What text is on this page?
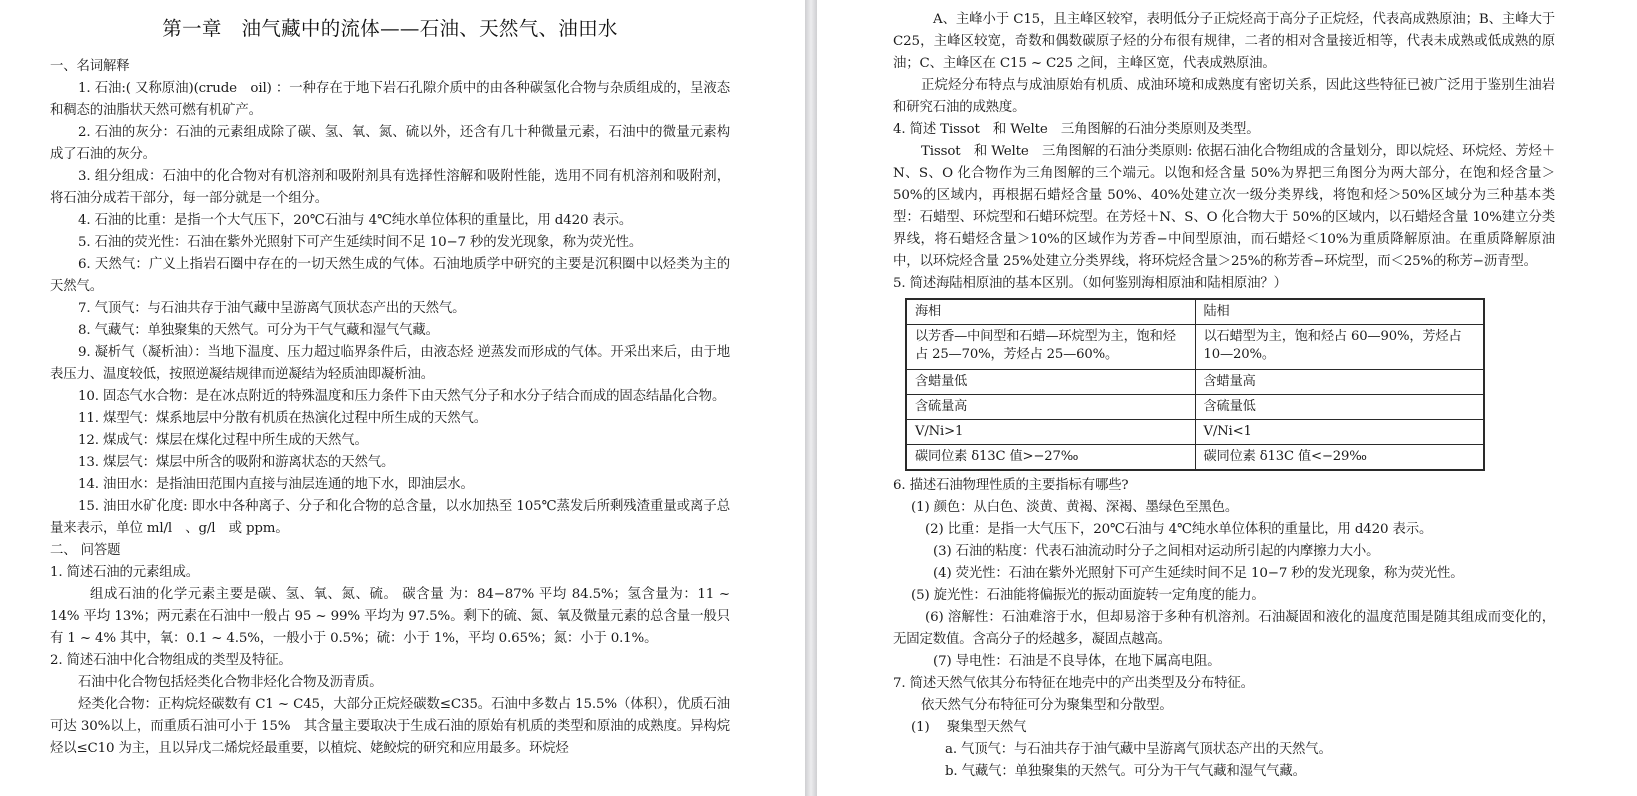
第一章　油气藏中的流体——石油、天然气、油田水

一、名词解释

1. 石油:( 又称原油)(crude　oil) ：一种存在于地下岩石孔隙介质中的由各种碳氢化合物与杂质组成的，呈液态和稠态的油脂状天然可燃有机矿产。

2. 石油的灰分：石油的元素组成除了碳、氢、氧、氮、硫以外，还含有几十种微量元素，石油中的微量元素构成了石油的灰分。

3. 组分组成：石油中的化合物对有机溶剂和吸附剂具有选择性溶解和吸附性能，选用不同有机溶剂和吸附剂，将石油分成若干部分，每一部分就是一个组分。

4. 石油的比重：是指一个大气压下，20℃石油与 4℃纯水单位体积的重量比，用 d420 表示。

5. 石油的荧光性：石油在紫外光照射下可产生延续时间不足 10−7 秒的发光现象，称为荧光性。

6. 天然气：广义上指岩石圈中存在的一切天然生成的气体。石油地质学中研究的主要是沉积圈中以烃类为主的天然气。

7. 气顶气：与石油共存于油气藏中呈游离气顶状态产出的天然气。

8. 气藏气：单独聚集的天然气。可分为干气气藏和湿气气藏。

9. 凝析气（凝析油）：当地下温度、压力超过临界条件后，由液态烃 逆蒸发而形成的气体。开采出来后，由于地表压力、温度较低，按照逆凝结规律而逆凝结为轻质油即凝析油。

10. 固态气水合物：是在冰点附近的特殊温度和压力条件下由天然气分子和水分子结合而成的固态结晶化合物。

11. 煤型气：煤系地层中分散有机质在热演化过程中所生成的天然气。

12. 煤成气：煤层在煤化过程中所生成的天然气。

13. 煤层气：煤层中所含的吸附和游离状态的天然气。

14. 油田水：是指油田范围内直接与油层连通的地下水，即油层水。

15. 油田水矿化度: 即水中各种离子、分子和化合物的总含量，以水加热至 105℃蒸发后所剩残渣重量或离子总量来表示，单位 ml/l　、g/l　或 ppm。

二、 问答题

1. 简述石油的元素组成。

组成石油的化学元素主要是碳、氢、氧、氮、硫。 碳含量 为：84−87% 平均 84.5%；氢含量为：11 ~ 14% 平均 13%；两元素在石油中一般占 95 ~ 99% 平均为 97.5%。剩下的硫、氮、氧及微量元素的总含量一般只有 1 ~ 4% 其中，氧：0.1 ~ 4.5%，一般小于 0.5%；硫：小于 1%，平均 0.65%；氮：小于 0.1%。

2. 简述石油中化合物组成的类型及特征。

石油中化合物包括烃类化合物非烃化合物及沥青质。

烃类化合物：正构烷烃碳数有 C1 ~ C45，大部分正烷烃碳数≤C35。石油中多数占 15.5%（体积），优质石油可达 30%以上，而重质石油可小于 15%　其含量主要取决于生成石油的原始有机质的类型和原油的成熟度。异构烷烃以≤C10 为主，且以异戊二烯烷烃最重要，以植烷、姥鲛烷的研究和应用最多。环烷烃

A、主峰小于 C15，且主峰区较窄，表明低分子正烷烃高于高分子正烷烃，代表高成熟原油；B、主峰大于 C25，主峰区较宽，奇数和偶数碳原子烃的分布很有规律，二者的相对含量接近相等，代表未成熟或低成熟的原油；C、主峰区在 C15 ~ C25 之间，主峰区宽，代表成熟原油。

正烷烃分布特点与成油原始有机质、成油环境和成熟度有密切关系，因此这些特征已被广泛用于鉴别生油岩和研究石油的成熟度。

4. 简述 Tissot　和 Welte　三角图解的石油分类原则及类型。

Tissot　和 Welte　三角图解的石油分类原则: 依据石油化合物组成的含量划分，即以烷烃、环烷烃、芳烃＋N、S、O 化合物作为三角图解的三个端元。以饱和烃含量 50%为界把三角图分为两大部分，在饱和烃含量＞50%的区域内，再根据石蜡烃含量 50%、40%处建立次一级分类界线，将饱和烃＞50%区域分为三种基本类型：石蜡型、环烷型和石蜡环烷型。在芳烃＋N、S、O 化合物大于 50%的区域内，以石蜡烃含量 10%建立分类界线，将石蜡烃含量＞10%的区域作为芳香−中间型原油，而石蜡烃＜10%为重质降解原油。在重质降解原油中，以环烷烃含量 25%处建立分类界线，将环烷烃含量＞25%的称芳香−环烷型，而＜25%的称芳−沥青型。

5. 简述海陆相原油的基本区别。（如何鉴别海相原油和陆相原油？）

海相	陆相
以芳香—中间型和石蜡—环烷型为主，饱和烃占 25—70%，芳烃占 25—60%。	以石蜡型为主，饱和烃占 60—90%，芳烃占 10—20%。
含蜡量低	含蜡量高
含硫量高	含硫量低
V/Ni>1	V/Ni<1
碳同位素 δ13C 值>−27‰	碳同位素 δ13C 值<−29‰

6. 描述石油物理性质的主要指标有哪些?

(1) 颜色：从白色、淡黄、黄褐、深褐、墨绿色至黑色。

(2) 比重：是指一大气压下，20℃石油与 4℃纯水单位体积的重量比，用 d420 表示。

(3) 石油的粘度：代表石油流动时分子之间相对运动所引起的内摩擦力大小。

(4) 荧光性：石油在紫外光照射下可产生延续时间不足 10−7 秒的发光现象，称为荧光性。

(5) 旋光性：石油能将偏振光的振动面旋转一定角度的能力。

(6) 溶解性：石油难溶于水，但却易溶于多种有机溶剂。石油凝固和液化的温度范围是随其组成而变化的，无固定数值。含高分子的烃越多，凝固点越高。

(7) 导电性：石油是不良导体，在地下属高电阻。

7. 简述天然气依其分布特征在地壳中的产出类型及分布特征。

依天然气分布特征可分为聚集型和分散型。

(1)　 聚集型天然气

a. 气顶气：与石油共存于油气藏中呈游离气顶状态产出的天然气。

b. 气藏气：单独聚集的天然气。可分为干气气藏和湿气气藏。
